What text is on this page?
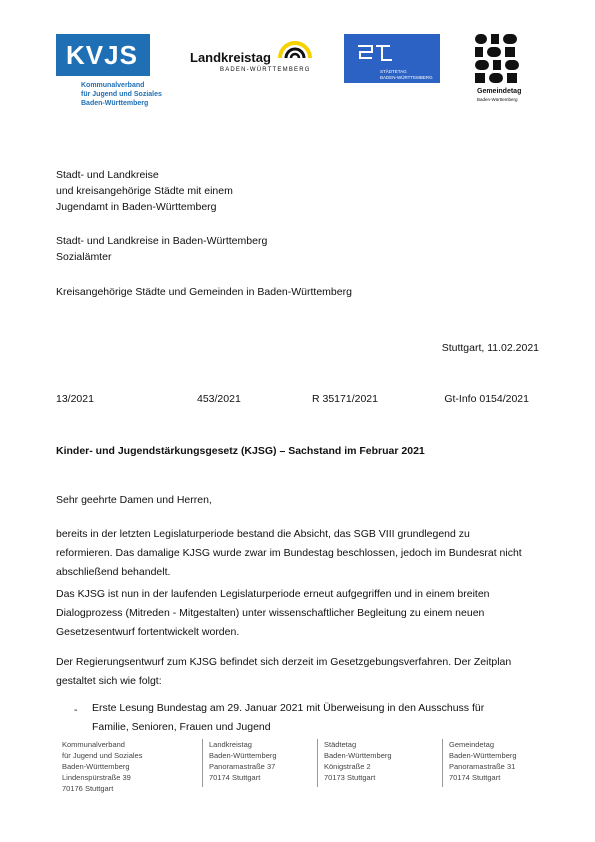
KVJS
Kommunalverband
für Jugend und Soziales
Baden-Württemberg
Landkreistag
BADEN-WÜRTTEMBERG	STÄDTETAG
BADEN-WÜRTTEMBERG
Gemeindetag
Baden-Württemberg
Stadt- und Landkreise
und kreisangehörige Städte mit einem
Jugendamt in Baden-Württemberg
Stadt- und Landkreise in Baden-Württemberg
Sozialämter
Kreisangehörige Städte und Gemeinden in Baden-Württemberg
Stuttgart, 11.02.2021
13/2021	453/2021	R 35171/2021	Gt-Info 0154/2021
Kinder- und Jugendstärkungsgesetz (KJSG) – Sachstand im Februar 2021
Sehr geehrte Damen und Herren,
bereits in der letzten Legislaturperiode bestand die Absicht, das SGB VIII grundlegend zu reformieren. Das damalige KJSG wurde zwar im Bundestag beschlossen, jedoch im Bundesrat nicht abschließend behandelt.
Das KJSG ist nun in der laufenden Legislaturperiode erneut aufgegriffen und in einem breiten Dialogprozess (Mitreden - Mitgestalten) unter wissenschaftlicher Begleitung zu einem neuen Gesetzesentwurf fortentwickelt worden.
Der Regierungsentwurf zum KJSG befindet sich derzeit im Gesetzgebungsverfahren. Der Zeitplan gestaltet sich wie folgt:
- Erste Lesung Bundestag am 29. Januar 2021 mit Überweisung in den Ausschuss für Familie, Senioren, Frauen und Jugend
Kommunalverband
für Jugend und Soziales
Baden-Württemberg
Lindenspürstraße 39
70176 Stuttgart
Landkreistag
Baden-Württemberg
Panoramastraße 37
70174 Stuttgart
Städtetag
Baden-Württemberg
Königstraße 2
70173 Stuttgart
Gemeindetag
Baden-Württemberg
Panoramastraße 31
70174 Stuttgart
